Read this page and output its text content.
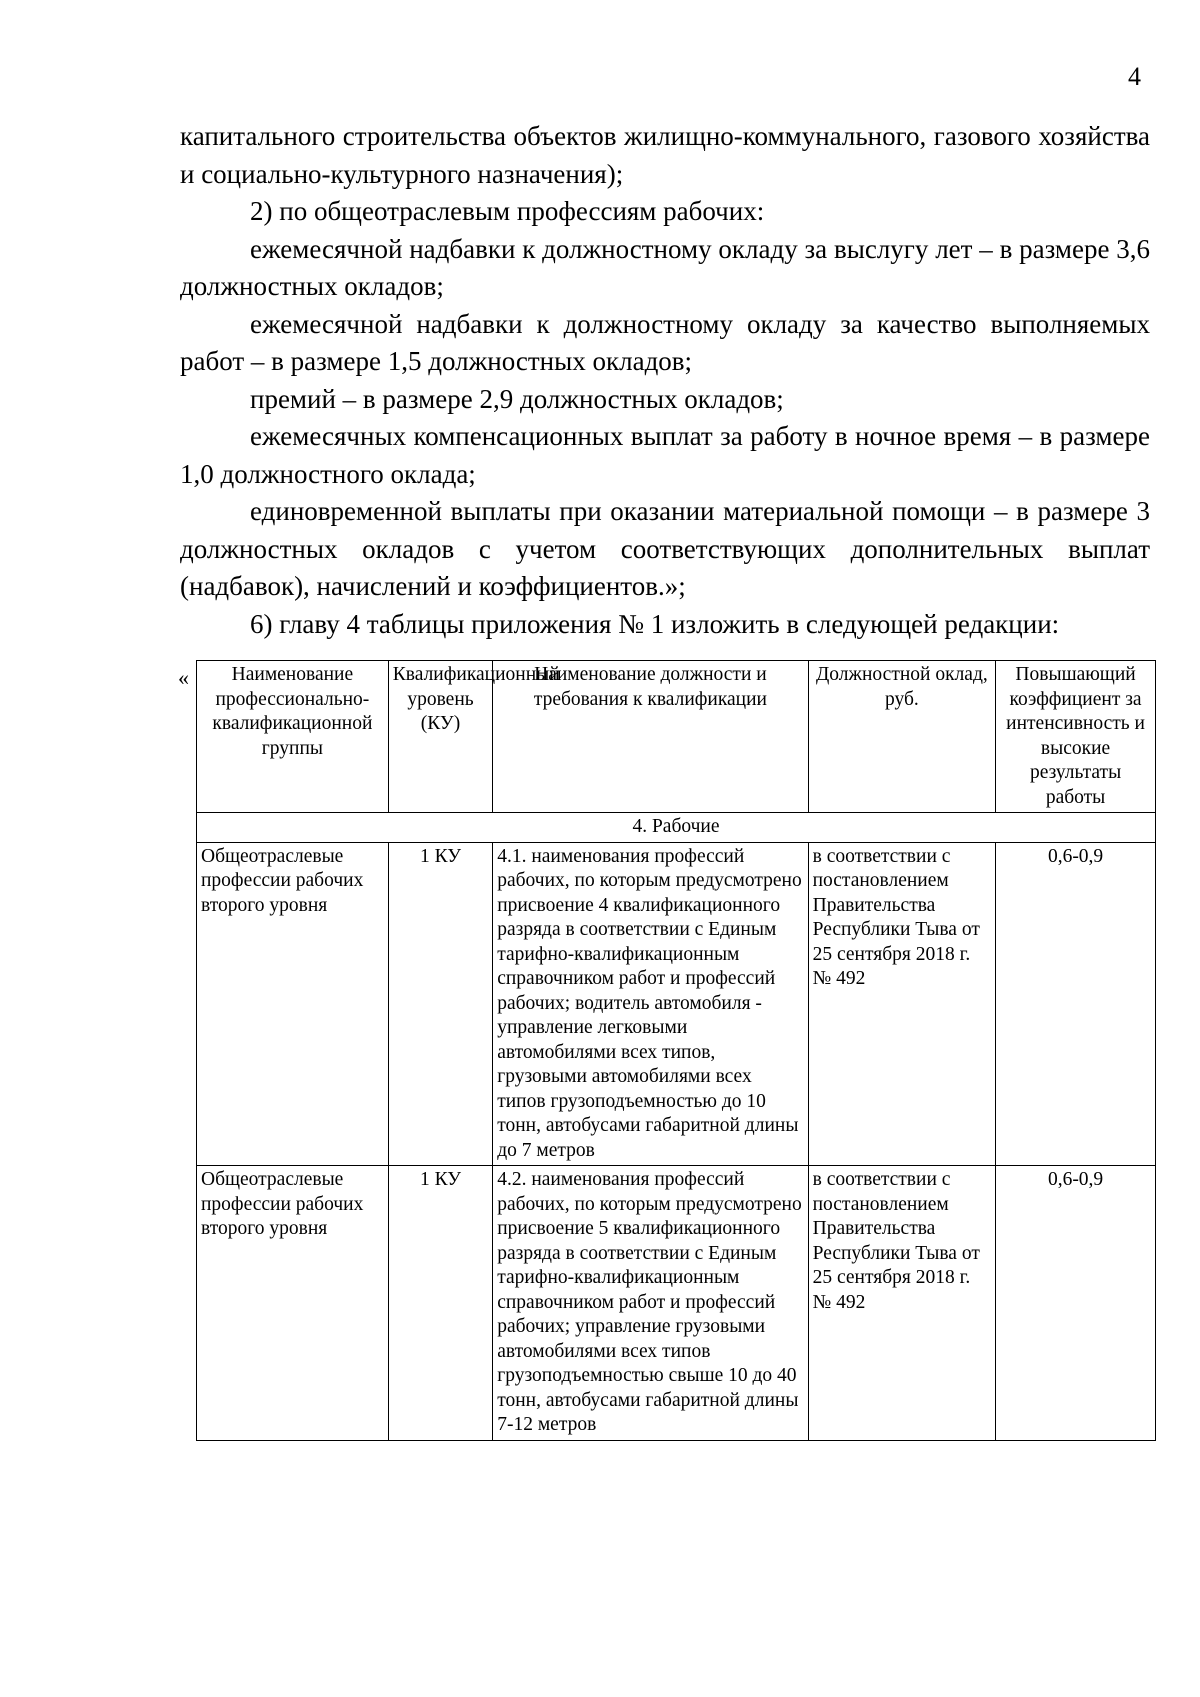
4

капитального строительства объектов жилищно-коммунального, газового хозяйства и социально-культурного назначения);

2) по общеотраслевым профессиям рабочих:

ежемесячной надбавки к должностному окладу за выслугу лет – в размере 3,6 должностных окладов;

ежемесячной надбавки к должностному окладу за качество выполняемых работ – в размере 1,5 должностных окладов;

премий – в размере 2,9 должностных окладов;

ежемесячных компенсационных выплат за работу в ночное время – в размере 1,0 должностного оклада;

единовременной выплаты при оказании материальной помощи – в размере 3 должностных окладов с учетом соответствующих дополнительных выплат (надбавок), начислений и коэффициентов.»;

6) главу 4 таблицы приложения № 1 изложить в следующей редакции:

« Наименование профессионально-квалификационной группы	Квалификационный уровень (КУ)	Наименование должности и требования к квалификации	Должностной оклад, руб.	Повышающий коэффициент за интенсивность и высокие результаты работы
4. Рабочие				
Общеотраслевые профессии рабочих второго уровня	1 КУ	4.1. наименования профессий рабочих, по которым предусмотрено присвоение 4 квалификационного разряда в соответствии с Единым тарифно-квалификационным справочником работ и профессий рабочих; водитель автомобиля - управление легковыми автомобилями всех типов, грузовыми автомобилями всех типов грузоподъемностью до 10 тонн, автобусами габаритной длины до 7 метров	в соответствии с постановлением Правительства Республики Тыва от 25 сентября 2018 г. № 492	0,6-0,9
Общеотраслевые профессии рабочих второго уровня	1 КУ	4.2. наименования профессий рабочих, по которым предусмотрено присвоение 5 квалификационного разряда в соответствии с Единым тарифно-квалификационным справочником работ и профессий рабочих; управление грузовыми автомобилями всех типов грузоподъемностью свыше 10 до 40 тонн, автобусами габаритной длины 7-12 метров	в соответствии с постановлением Правительства Республики Тыва от 25 сентября 2018 г. № 492	0,6-0,9
